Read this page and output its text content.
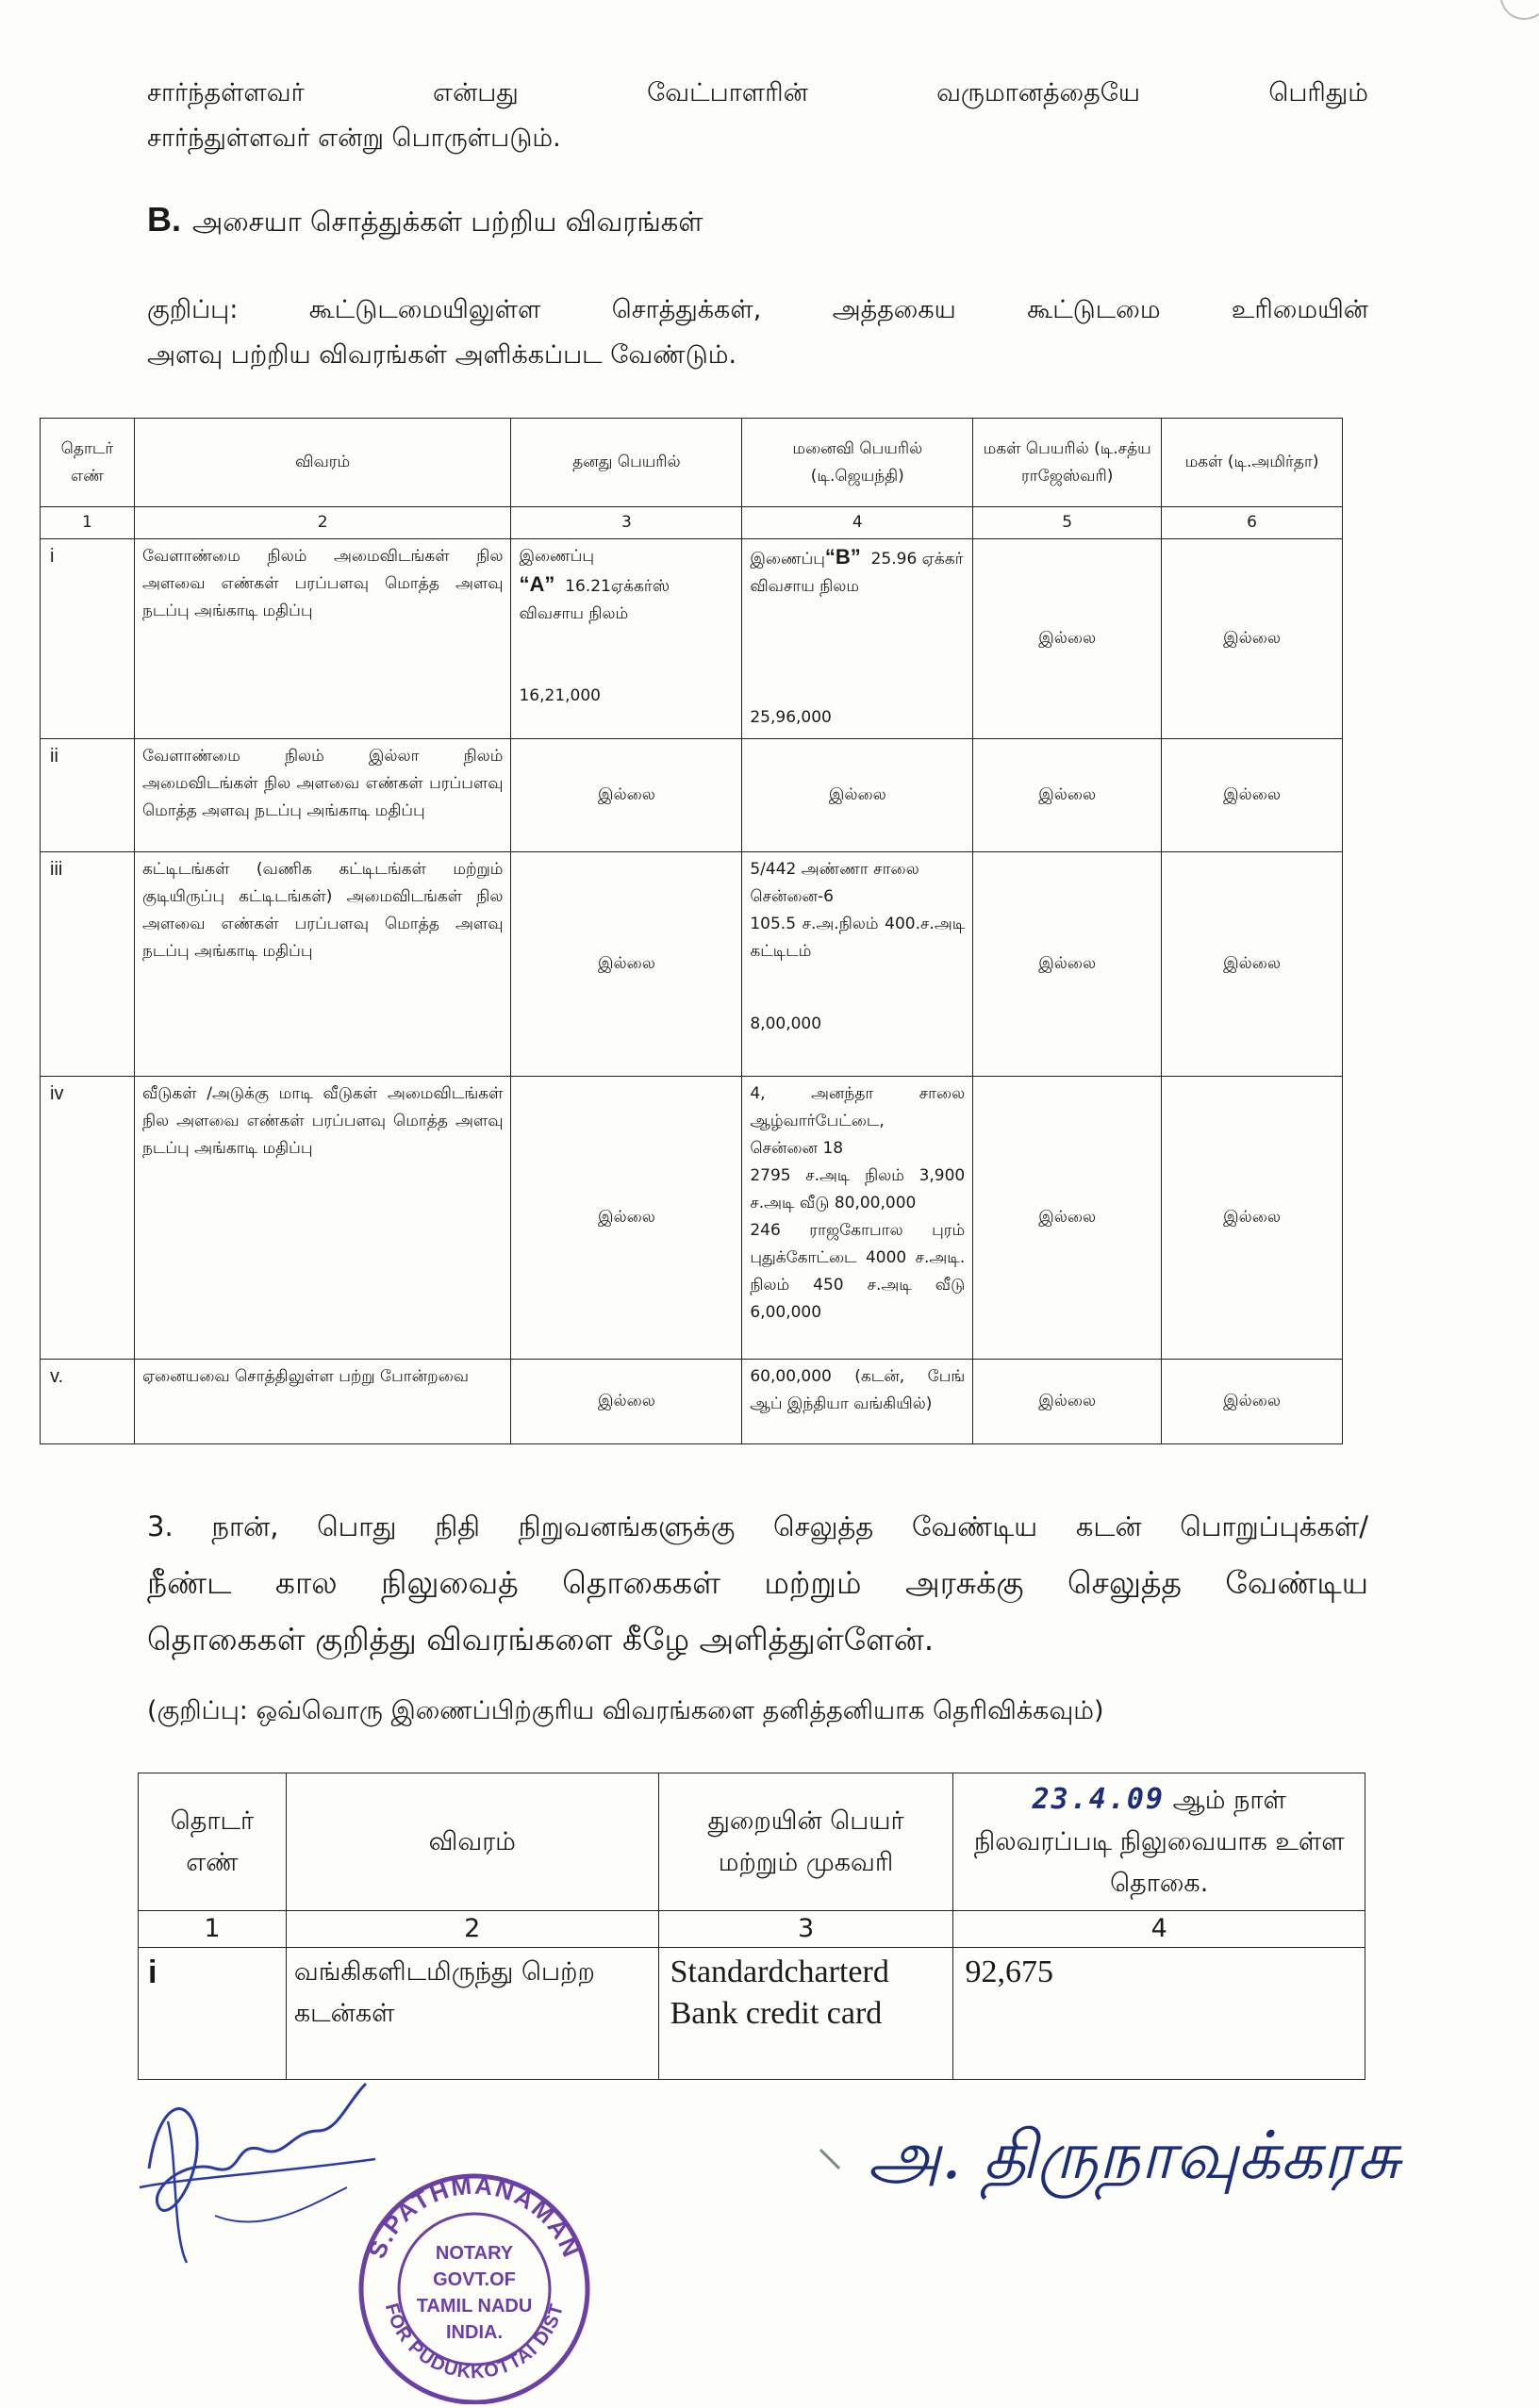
சார்ந்தள்ளவர் என்பது வேட்பாளரின் வருமானத்தையே பெரிதும்
சார்ந்துள்ளவர் என்று பொருள்படும்.
B. அசையா சொத்துக்கள் பற்றிய விவரங்கள்
குறிப்பு: கூட்டுடமையிலுள்ள சொத்துக்கள், அத்தகைய கூட்டுடமை உரிமையின்
அளவு பற்றிய விவரங்கள் அளிக்கப்பட வேண்டும்.
தொடர் எண்	விவரம்	தனது பெயரில்	மனைவி பெயரில் (டி.ஜெயந்தி)	மகள் பெயரில் (டி.சத்ய ராஜேஸ்வரி)	மகள் (டி.அமிர்தா)
1	2	3	4	5	6
i	வேளாண்மை நிலம் அமைவிடங்கள் நில அளவை எண்கள் பரப்பளவு மொத்த அளவு நடப்பு அங்காடி மதிப்பு	இணைப்பு
“A” 16.21ஏக்கர்ஸ் விவசாய நிலம்
16,21,000	இணைப்பு“B” 25.96 ஏக்கர் விவசாய நிலம
25,96,000	இல்லை	இல்லை
ii	வேளாண்மை நிலம் இல்லா நிலம் அமைவிடங்கள் நில அளவை எண்கள் பரப்பளவு மொத்த அளவு நடப்பு அங்காடி மதிப்பு	இல்லை	இல்லை	இல்லை	இல்லை
iii	கட்டிடங்கள் (வணிக கட்டிடங்கள் மற்றும் குடியிருப்பு கட்டிடங்கள்) அமைவிடங்கள் நில அளவை எண்கள் பரப்பளவு மொத்த அளவு நடப்பு அங்காடி மதிப்பு	இல்லை	5/442 அண்ணா சாலை
சென்னை-6
105.5 ச.அ.நிலம் 400.ச.அடி கட்டிடம்
8,00,000	இல்லை	இல்லை
iv	வீடுகள் /அடுக்கு மாடி வீடுகள் அமைவிடங்கள் நில அளவை எண்கள் பரப்பளவு மொத்த அளவு நடப்பு அங்காடி மதிப்பு	இல்லை	4, அனந்தா சாலை ஆழ்வார்பேட்டை,
சென்னை 18
2795 ச.அடி நிலம் 3,900 ச.அடி வீடு 80,00,000
246 ராஜகோபால புரம் புதுக்கோட்டை 4000 ச.அடி. நிலம் 450 ச.அடி வீடு 6,00,000	இல்லை	இல்லை
v.	ஏனையவை சொத்திலுள்ள பற்று போன்றவை	இல்லை	60,00,000 (கடன், பேங் ஆப் இந்தியா வங்கியில்)	இல்லை	இல்லை
3. நான், பொது நிதி நிறுவனங்களுக்கு செலுத்த வேண்டிய கடன் பொறுப்புக்கள்/
நீண்ட கால நிலுவைத் தொகைகள் மற்றும் அரசுக்கு செலுத்த வேண்டிய
தொகைகள் குறித்து விவரங்களை கீழே அளித்துள்ளேன்.
(குறிப்பு: ஒவ்வொரு இணைப்பிற்குரிய விவரங்களை தனித்தனியாக தெரிவிக்கவும்)
தொடர் எண்	விவரம்	துறையின் பெயர் மற்றும் முகவரி	23.4.09 ஆம் நாள் நிலவரப்படி நிலுவையாக உள்ள தொகை.
1	2	3	4
i	வங்கிகளிடமிருந்து பெற்ற கடன்கள்	Standardcharterd Bank credit card	92,675
S.PATHMANAMAN
FOR PUDUKKOTTAI DIST
NOTARY
GOVT.OF
TAMIL NADU
INDIA.
அ. திருநாவுக்கரசு
